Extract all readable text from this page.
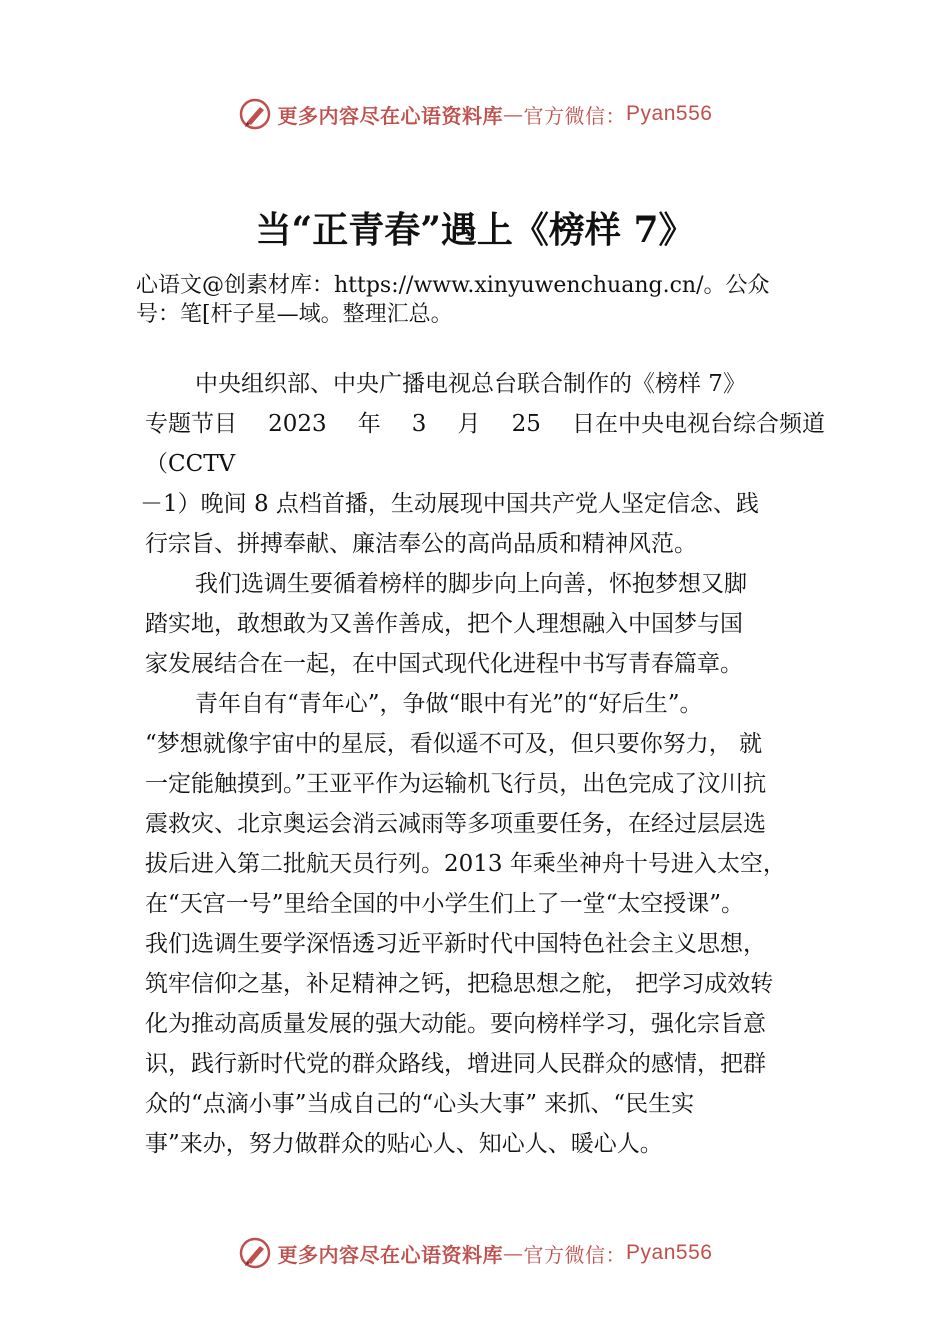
更多内容尽在心语资料库 — 官方微信： Pyan556
当“正青春”遇上《榜样 7》
心语文@创素材库：https://www.xinyuwenchuang.cn/。公众
号：笔[杆子星—域。整理汇总。
中央组织部、中央广播电视总台联合制作的《榜样 7》
专题节目 2023 年 3 月 25 日在中央电视台综合频道
（CCTV
－1）晚间 8 点档首播，生动展现中国共产党人坚定信念、践
行宗旨、拼搏奉献、廉洁奉公的高尚品质和精神风范。
我们选调生要循着榜样的脚步向上向善，怀抱梦想又脚
踏实地，敢想敢为又善作善成，把个人理想融入中国梦与国
家发展结合在一起，在中国式现代化进程中书写青春篇章。
青年自有“青年心”，争做“眼中有光”的“好后生”。
“梦想就像宇宙中的星辰，看似遥不可及，但只要你努力， 就
一定能触摸到。”王亚平作为运输机飞行员，出色完成了汶川抗
震救灾、北京奥运会消云减雨等多项重要任务，在经过层层选
拔后进入第二批航天员行列。2013 年乘坐神舟十号进入太空，
在“天宫一号”里给全国的中小学生们上了一堂“太空授课”。
我们选调生要学深悟透习近平新时代中国特色社会主义思想，
筑牢信仰之基，补足精神之钙，把稳思想之舵， 把学习成效转
化为推动高质量发展的强大动能。要向榜样学习，强化宗旨意
识，践行新时代党的群众路线，增进同人民群众的感情，把群
众的“点滴小事”当成自己的“心头大事” 来抓、“民生实
事”来办，努力做群众的贴心人、知心人、暖心人。
更多内容尽在心语资料库 — 官方微信： Pyan556
